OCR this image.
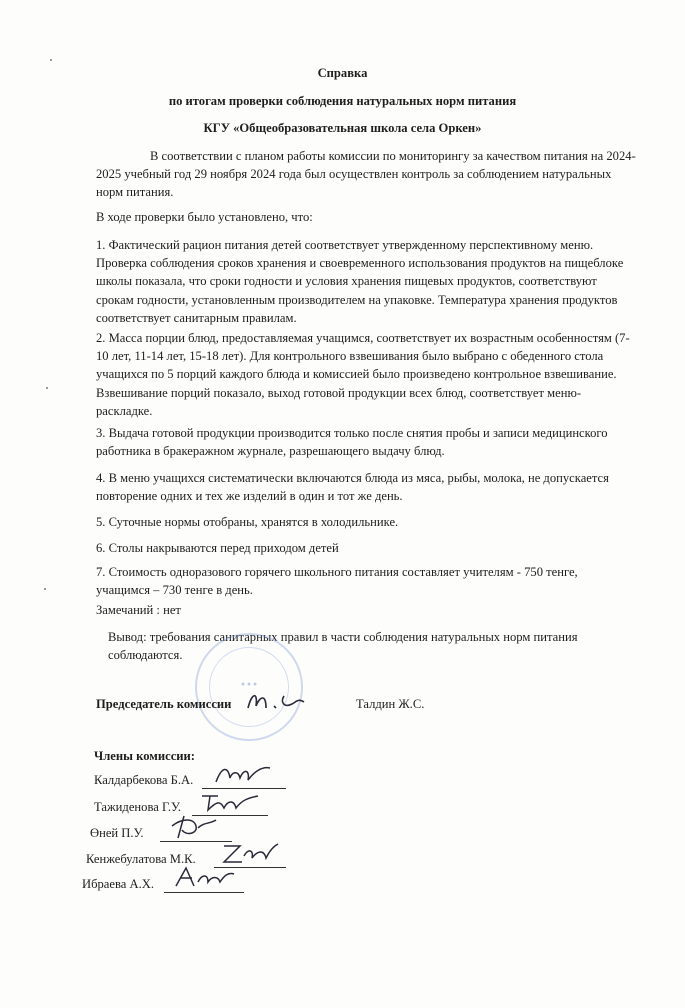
Справка
по итогам проверки соблюдения натуральных норм питания
КГУ «Общеобразовательная школа села Оркен»
В соответствии с планом работы комиссии по мониторингу за качеством питания на 2024-
2025 учебный год 29 ноября 2024 года был осуществлен контроль за соблюдением натуральных
норм питания.
В ходе проверки было установлено, что:
1. Фактический рацион питания детей соответствует утвержденному перспективному меню.
Проверка соблюдения сроков хранения и своевременного использования продуктов на пищеблоке
школы показала, что сроки годности и условия хранения пищевых продуктов, соответствуют
срокам годности, установленным производителем на упаковке. Температура хранения продуктов
соответствует санитарным правилам.
2. Масса порции блюд, предоставляемая учащимся, соответствует их возрастным особенностям (7-
10 лет, 11-14 лет, 15-18 лет). Для контрольного взвешивания было выбрано с обеденного стола
учащихся по 5 порций каждого блюда и комиссией было произведено контрольное взвешивание.
Взвешивание порций показало, выход готовой продукции всех блюд, соответствует меню-
раскладке.
3. Выдача готовой продукции производится только после снятия пробы и записи медицинского
работника в бракеражном журнале, разрешающего выдачу блюд.
4. В меню учащихся систематически включаются блюда из мяса, рыбы, молока, не допускается
повторение одних и тех же изделий в один и тот же день.
5. Суточные нормы отобраны, хранятся в холодильнике.
6. Столы накрываются перед приходом детей
7. Стоимость одноразового горячего школьного питания составляет учителям - 750 тенге,
учащимся – 730 тенге в день.
Замечаний : нет
Вывод: требования санитарных правил в части соблюдения натуральных норм питания
соблюдаются.
● ● ●
Председатель комиссии	Талдин Ж.С.
Члены комиссии:
Калдарбекова Б.А.
Тажиденова Г.У.
Өней П.У.
Кенжебулатова М.К.
Ибраева А.Х.
